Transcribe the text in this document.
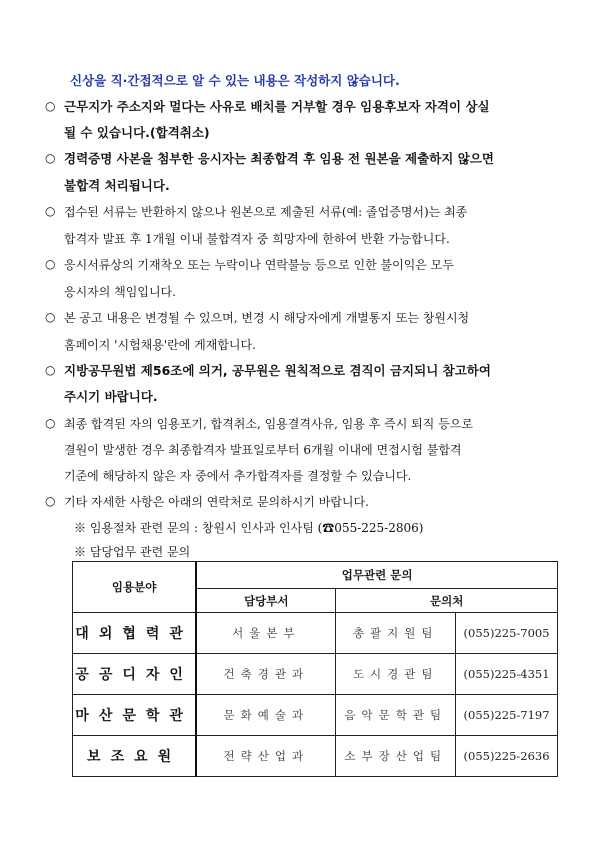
신상을 직·간접적으로 알 수 있는 내용은 작성하지 않습니다.
○ 근무지가 주소지와 멀다는 사유로 배치를 거부할 경우 임용후보자 자격이 상실
될 수 있습니다.(합격취소)
○ 경력증명 사본을 첨부한 응시자는 최종합격 후 임용 전 원본을 제출하지 않으면
불합격 처리됩니다.
○ 접수된 서류는 반환하지 않으나 원본으로 제출된 서류(예: 졸업증명서)는 최종
합격자 발표 후 1개월 이내 불합격자 중 희망자에 한하여 반환 가능합니다.
○ 응시서류상의 기재착오 또는 누락이나 연락불능 등으로 인한 불이익은 모두
응시자의 책임입니다.
○ 본 공고 내용은 변경될 수 있으며, 변경 시 해당자에게 개별통지 또는 창원시청
홈페이지 '시험채용'란에 게재합니다.
○ 지방공무원법 제56조에 의거, 공무원은 원칙적으로 겸직이 금지되니 참고하여
주시기 바랍니다.
○ 최종 합격된 자의 임용포기, 합격취소, 임용결격사유, 임용 후 즉시 퇴직 등으로
결원이 발생한 경우 최종합격자 발표일로부터 6개월 이내에 면접시험 불합격
기준에 해당하지 않은 자 중에서 추가합격자를 결정할 수 있습니다.
○ 기타 자세한 사항은 아래의 연락처로 문의하시기 바랍니다.
※ 임용절차 관련 문의 : 창원시 인사과 인사팀 (☎055-225-2806)
※ 담당업무 관련 문의
임용분야	업무관련 문의		
	담당부서	문의처	
대외협력관	서울본부	총괄지원팀	(055)225-7005
공공디자인	건축경관과	도시경관팀	(055)225-4351
마산문학관	문화예술과	음악문학관팀	(055)225-7197
보조요원	전략산업과	소부장산업팀	(055)225-2636
